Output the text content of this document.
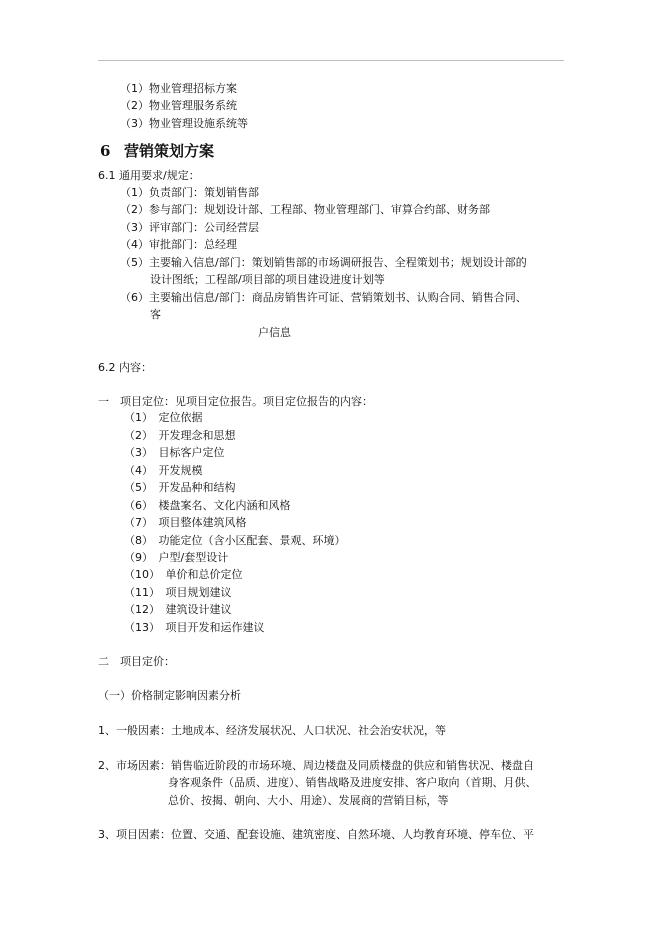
（1）物业管理招标方案
（2）物业管理服务系统
（3）物业管理设施系统等
6 营销策划方案
6.1 通用要求/规定：
（1）负责部门：策划销售部
（2）参与部门：规划设计部、工程部、物业管理部门、审算合约部、财务部
（3）评审部门：公司经营层
（4）审批部门：总经理
（5）主要输入信息/部门：策划销售部的市场调研报告、全程策划书；规划设计部的
设计图纸；工程部/项目部的项目建设进度计划等
（6）主要输出信息/部门：商品房销售许可证、营销策划书、认购合同、销售合同、
客
户信息
6.2 内容：
一　项目定位：见项目定位报告。项目定位报告的内容：
（1）　定位依据
（2）　开发理念和思想
（3）　目标客户定位
（4）　开发规模
（5）　开发品种和结构
（6）　楼盘案名、文化内涵和风格
（7）　项目整体建筑风格
（8）　功能定位（含小区配套、景观、环境）
（9）　户型/套型设计
（10）　单价和总价定位
（11）　项目规划建议
（12）　建筑设计建议
（13）　项目开发和运作建议
二　项目定价：
（一）价格制定影响因素分析
1、一般因素：土地成本、经济发展状况、人口状况、社会治安状况，等
2、市场因素：销售临近阶段的市场环境、周边楼盘及同质楼盘的供应和销售状况、楼盘自
身客观条件（品质、进度）、销售战略及进度安排、客户取向（首期、月供、
总价、按揭、朝向、大小、用途）、发展商的营销目标，等
3、项目因素：位置、交通、配套设施、建筑密度、自然环境、人均教育环境、停车位、平
